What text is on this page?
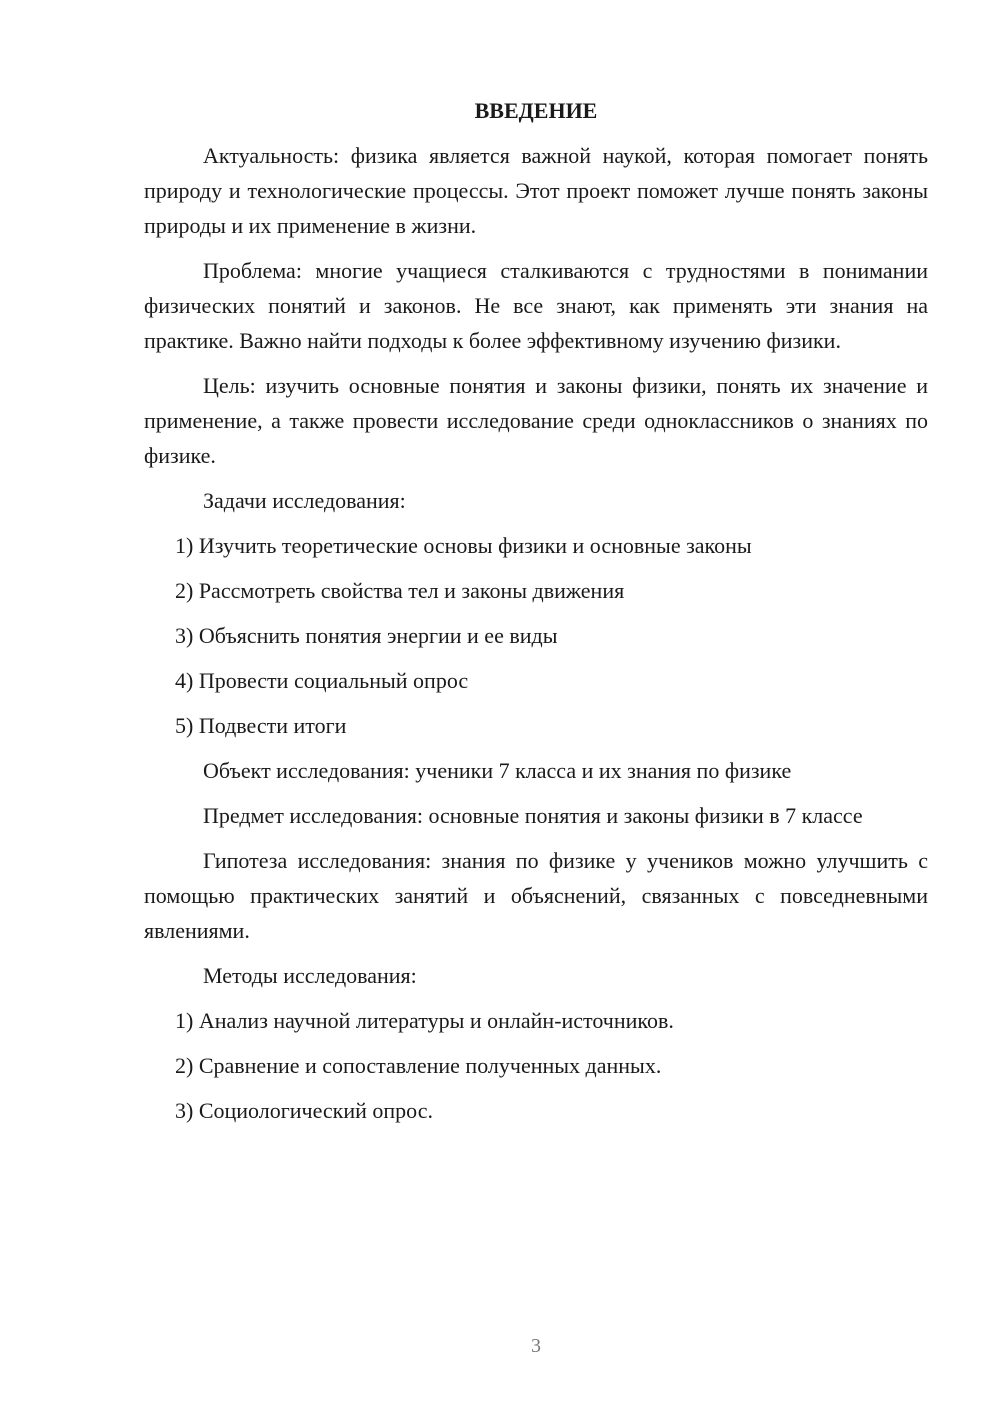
ВВЕДЕНИЕ

Актуальность: физика является важной наукой, которая помогает понять природу и технологические процессы. Этот проект поможет лучше понять законы природы и их применение в жизни.

Проблема: многие учащиеся сталкиваются с трудностями в понимании физических понятий и законов. Не все знают, как применять эти знания на практике. Важно найти подходы к более эффективному изучению физики.

Цель: изучить основные понятия и законы физики, понять их значение и применение, а также провести исследование среди одноклассников о знаниях по физике.

Задачи исследования:

1) Изучить теоретические основы физики и основные законы
2) Рассмотреть свойства тел и законы движения
3) Объяснить понятия энергии и ее виды
4) Провести социальный опрос
5) Подвести итоги

Объект исследования: ученики 7 класса и их знания по физике

Предмет исследования: основные понятия и законы физики в 7 классе

Гипотеза исследования: знания по физике у учеников можно улучшить с помощью практических занятий и объяснений, связанных с повседневными явлениями.

Методы исследования:

1) Анализ научной литературы и онлайн-источников.
2) Сравнение и сопоставление полученных данных.
3) Социологический опрос.
3
